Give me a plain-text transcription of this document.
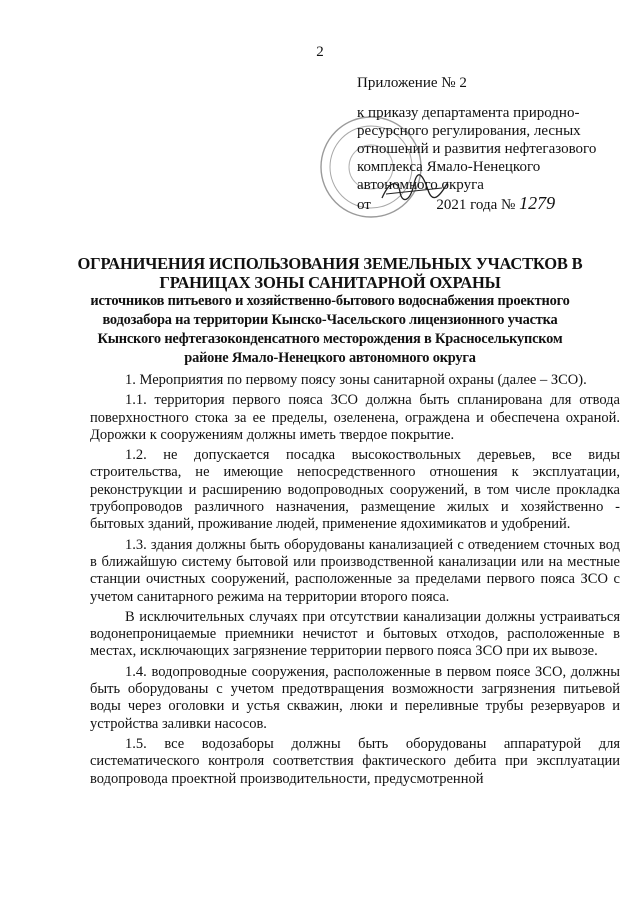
2
Приложение № 2
к приказу департамента природно-
ресурсного регулирования, лесных
отношений и развития нефтегазового
комплекса Ямало-Ненецкого
автономного округа
от	2021 года № 1279
ОГРАНИЧЕНИЯ ИСПОЛЬЗОВАНИЯ ЗЕМЕЛЬНЫХ УЧАСТКОВ В
ГРАНИЦАХ ЗОНЫ САНИТАРНОЙ ОХРАНЫ
источников питьевого и хозяйственно-бытового водоснабжения проектного
водозабора на территории Кынско-Часельского лицензионного участка
Кынского нефтегазоконденсатного месторождения в Красноселькупском
районе Ямало-Ненецкого автономного округа

1. Мероприятия по первому поясу зоны санитарной охраны (далее – ЗСО).

1.1. территория первого пояса ЗСО должна быть спланирована для отвода поверхностного стока за ее пределы, озеленена, ограждена и обеспечена охраной. Дорожки к сооружениям должны иметь твердое покрытие.

1.2. не допускается посадка высокоствольных деревьев, все виды строительства, не имеющие непосредственного отношения к эксплуатации, реконструкции и расширению водопроводных сооружений, в том числе прокладка трубопроводов различного назначения, размещение жилых и хозяйственно - бытовых зданий, проживание людей, применение ядохимикатов и удобрений.

1.3. здания должны быть оборудованы канализацией с отведением сточных вод в ближайшую систему бытовой или производственной канализации или на местные станции очистных сооружений, расположенные за пределами первого пояса ЗСО с учетом санитарного режима на территории второго пояса.

В исключительных случаях при отсутствии канализации должны устраиваться водонепроницаемые приемники нечистот и бытовых отходов, расположенные в местах, исключающих загрязнение территории первого пояса ЗСО при их вывозе.

1.4. водопроводные сооружения, расположенные в первом поясе ЗСО, должны быть оборудованы с учетом предотвращения возможности загрязнения питьевой воды через оголовки и устья скважин, люки и переливные трубы резервуаров и устройства заливки насосов.

1.5. все водозаборы должны быть оборудованы аппаратурой для систематического контроля соответствия фактического дебита при эксплуатации водопровода проектной производительности, предусмотренной
